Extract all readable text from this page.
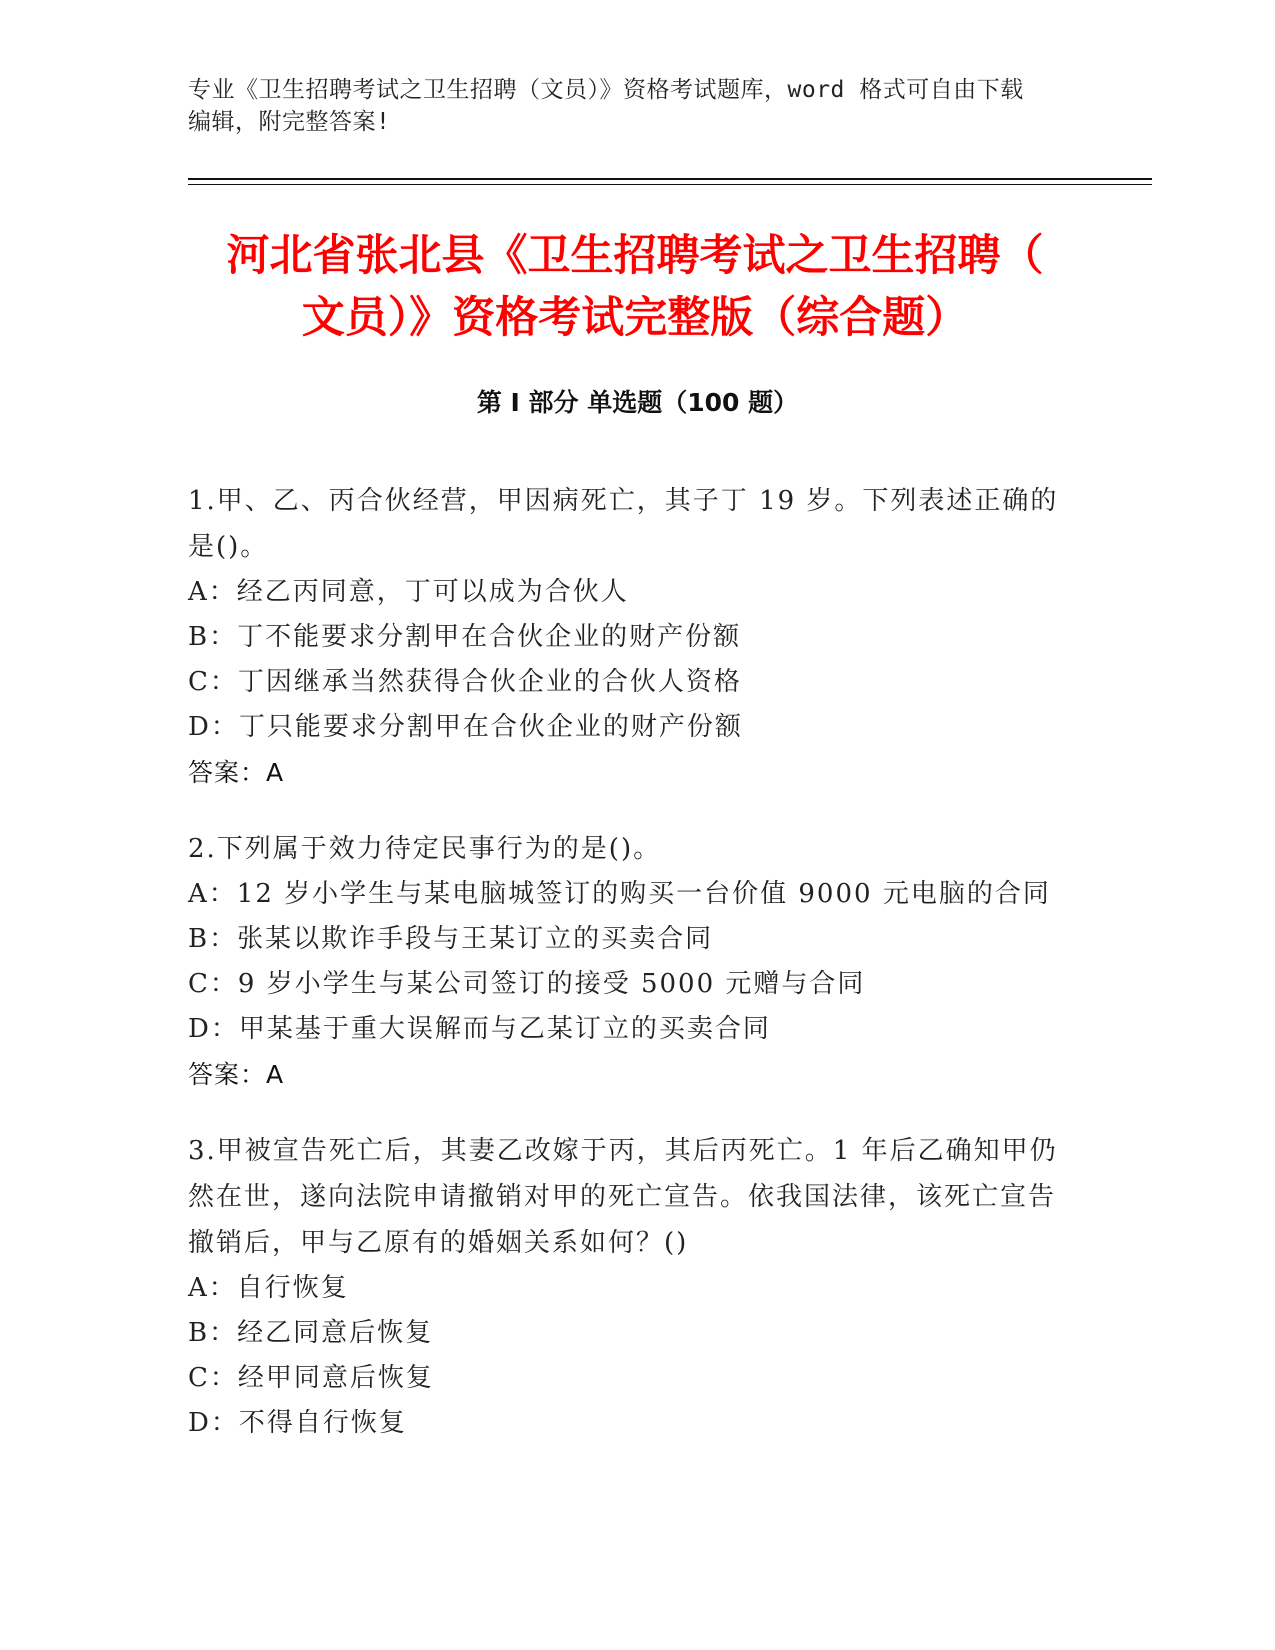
专业《卫生招聘考试之卫生招聘（文员）》资格考试题库，word 格式可自由下载
编辑，附完整答案!
河北省张北县《卫生招聘考试之卫生招聘（
文员）》资格考试完整版（综合题）
第 I 部分 单选题（100 题）
1.甲、乙、丙合伙经营，甲因病死亡，其子丁 19 岁。下列表述正确的是()。
A：经乙丙同意，丁可以成为合伙人
B：丁不能要求分割甲在合伙企业的财产份额
C：丁因继承当然获得合伙企业的合伙人资格
D：丁只能要求分割甲在合伙企业的财产份额
答案：A
2.下列属于效力待定民事行为的是()。
A：12 岁小学生与某电脑城签订的购买一台价值 9000 元电脑的合同
B：张某以欺诈手段与王某订立的买卖合同
C：9 岁小学生与某公司签订的接受 5000 元赠与合同
D：甲某基于重大误解而与乙某订立的买卖合同
答案：A
3.甲被宣告死亡后，其妻乙改嫁于丙，其后丙死亡。1 年后乙确知甲仍然在世，遂向法院申请撤销对甲的死亡宣告。依我国法律，该死亡宣告撤销后，甲与乙原有的婚姻关系如何？()
A：自行恢复
B：经乙同意后恢复
C：经甲同意后恢复
D：不得自行恢复
